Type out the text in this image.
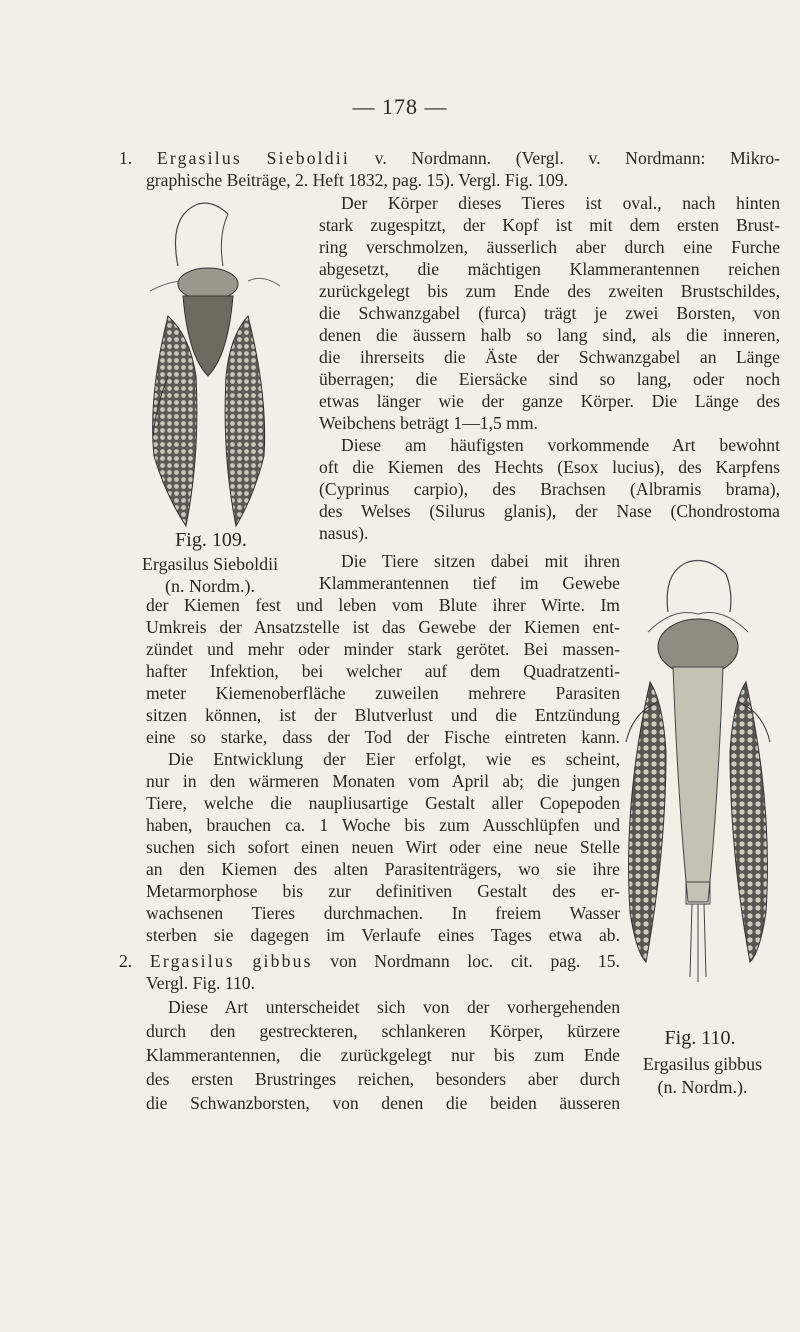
— 178 —
1. Ergasilus Sieboldii v. Nordmann. (Vergl. v. Nordmann: Mikro-
graphische Beiträge, 2. Heft 1832, pag. 15). Vergl. Fig. 109.
Fig. 109.
Ergasilus Sieboldii
(n. Nordm.).
Der Körper dieses Tieres ist oval., nach hinten
stark zugespitzt, der Kopf ist mit dem ersten Brust-
ring verschmolzen, äusserlich aber durch eine Furche
abgesetzt, die mächtigen Klammerantennen reichen
zurückgelegt bis zum Ende des zweiten Brustschildes,
die Schwanzgabel (furca) trägt je zwei Borsten, von
denen die äussern halb so lang sind, als die inneren,
die ihrerseits die Äste der Schwanzgabel an Länge
überragen; die Eiersäcke sind so lang, oder noch
etwas länger wie der ganze Körper. Die Länge des
Weibchens beträgt 1—1,5 mm.
Diese am häufigsten vorkommende Art bewohnt
oft die Kiemen des Hechts (Esox lucius), des Karpfens
(Cyprinus carpio), des Brachsen (Albramis brama),
des Welses (Silurus glanis), der Nase (Chondrostoma
nasus).
Die Tiere sitzen dabei mit ihren
Klammerantennen tief im Gewebe
Fig. 110.
Ergasilus gibbus
(n. Nordm.).
der Kiemen fest und leben vom Blute ihrer Wirte. Im
Umkreis der Ansatzstelle ist das Gewebe der Kiemen ent-
zündet und mehr oder minder stark gerötet. Bei massen-
hafter Infektion, bei welcher auf dem Quadratzenti-
meter Kiemenoberfläche zuweilen mehrere Parasiten
sitzen können, ist der Blutverlust und die Entzündung
eine so starke, dass der Tod der Fische eintreten kann.
Die Entwicklung der Eier erfolgt, wie es scheint,
nur in den wärmeren Monaten vom April ab; die jungen
Tiere, welche die naupliusartige Gestalt aller Copepoden
haben, brauchen ca. 1 Woche bis zum Ausschlüpfen und
suchen sich sofort einen neuen Wirt oder eine neue Stelle
an den Kiemen des alten Parasitenträgers, wo sie ihre
Metarmorphose bis zur definitiven Gestalt des er-
wachsenen Tieres durchmachen. In freiem Wasser
sterben sie dagegen im Verlaufe eines Tages etwa ab.
2. Ergasilus gibbus von Nordmann loc. cit. pag. 15.
Vergl. Fig. 110.
Diese Art unterscheidet sich von der vorhergehenden
durch den gestreckteren, schlankeren Körper, kürzere
Klammerantennen, die zurückgelegt nur bis zum Ende
des ersten Brustringes reichen, besonders aber durch
die Schwanzborsten, von denen die beiden äusseren
